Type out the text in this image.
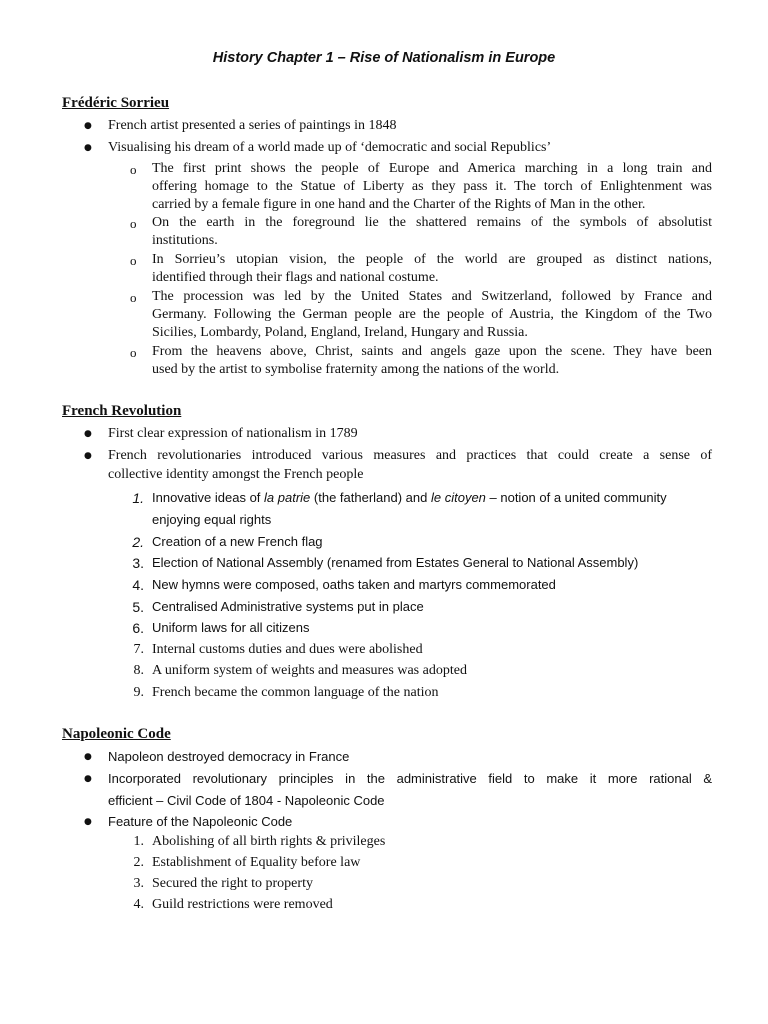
History Chapter 1 – Rise of Nationalism in Europe
Frédéric Sorrieu
● French artist presented a series of paintings in 1848
● Visualising his dream of a world made up of ‘democratic and social Republics’
o The first print shows the people of Europe and America marching in a long train and
offering homage to the Statue of Liberty as they pass it. The torch of Enlightenment was
carried by a female figure in one hand and the Charter of the Rights of Man in the other.
o On the earth in the foreground lie the shattered remains of the symbols of absolutist
institutions.
o In Sorrieu’s utopian vision, the people of the world are grouped as distinct nations,
identified through their flags and national costume.
o The procession was led by the United States and Switzerland, followed by France and
Germany. Following the German people are the people of Austria, the Kingdom of the Two
Sicilies, Lombardy, Poland, England, Ireland, Hungary and Russia.
o From the heavens above, Christ, saints and angels gaze upon the scene. They have been
used by the artist to symbolise fraternity among the nations of the world.
French Revolution
● First clear expression of nationalism in 1789
● French revolutionaries introduced various measures and practices that could create a sense of
collective identity amongst the French people
1. Innovative ideas of la patrie (the fatherland) and le citoyen – notion of a united community
enjoying equal rights
2. Creation of a new French flag
3. Election of National Assembly (renamed from Estates General to National Assembly)
4. New hymns were composed, oaths taken and martyrs commemorated
5. Centralised Administrative systems put in place
6. Uniform laws for all citizens
7. Internal customs duties and dues were abolished
8. A uniform system of weights and measures was adopted
9. French became the common language of the nation
Napoleonic Code
● Napoleon destroyed democracy in France
● Incorporated revolutionary principles in the administrative field to make it more rational &
efficient – Civil Code of 1804 - Napoleonic Code
● Feature of the Napoleonic Code
1. Abolishing of all birth rights & privileges
2. Establishment of Equality before law
3. Secured the right to property
4. Guild restrictions were removed
